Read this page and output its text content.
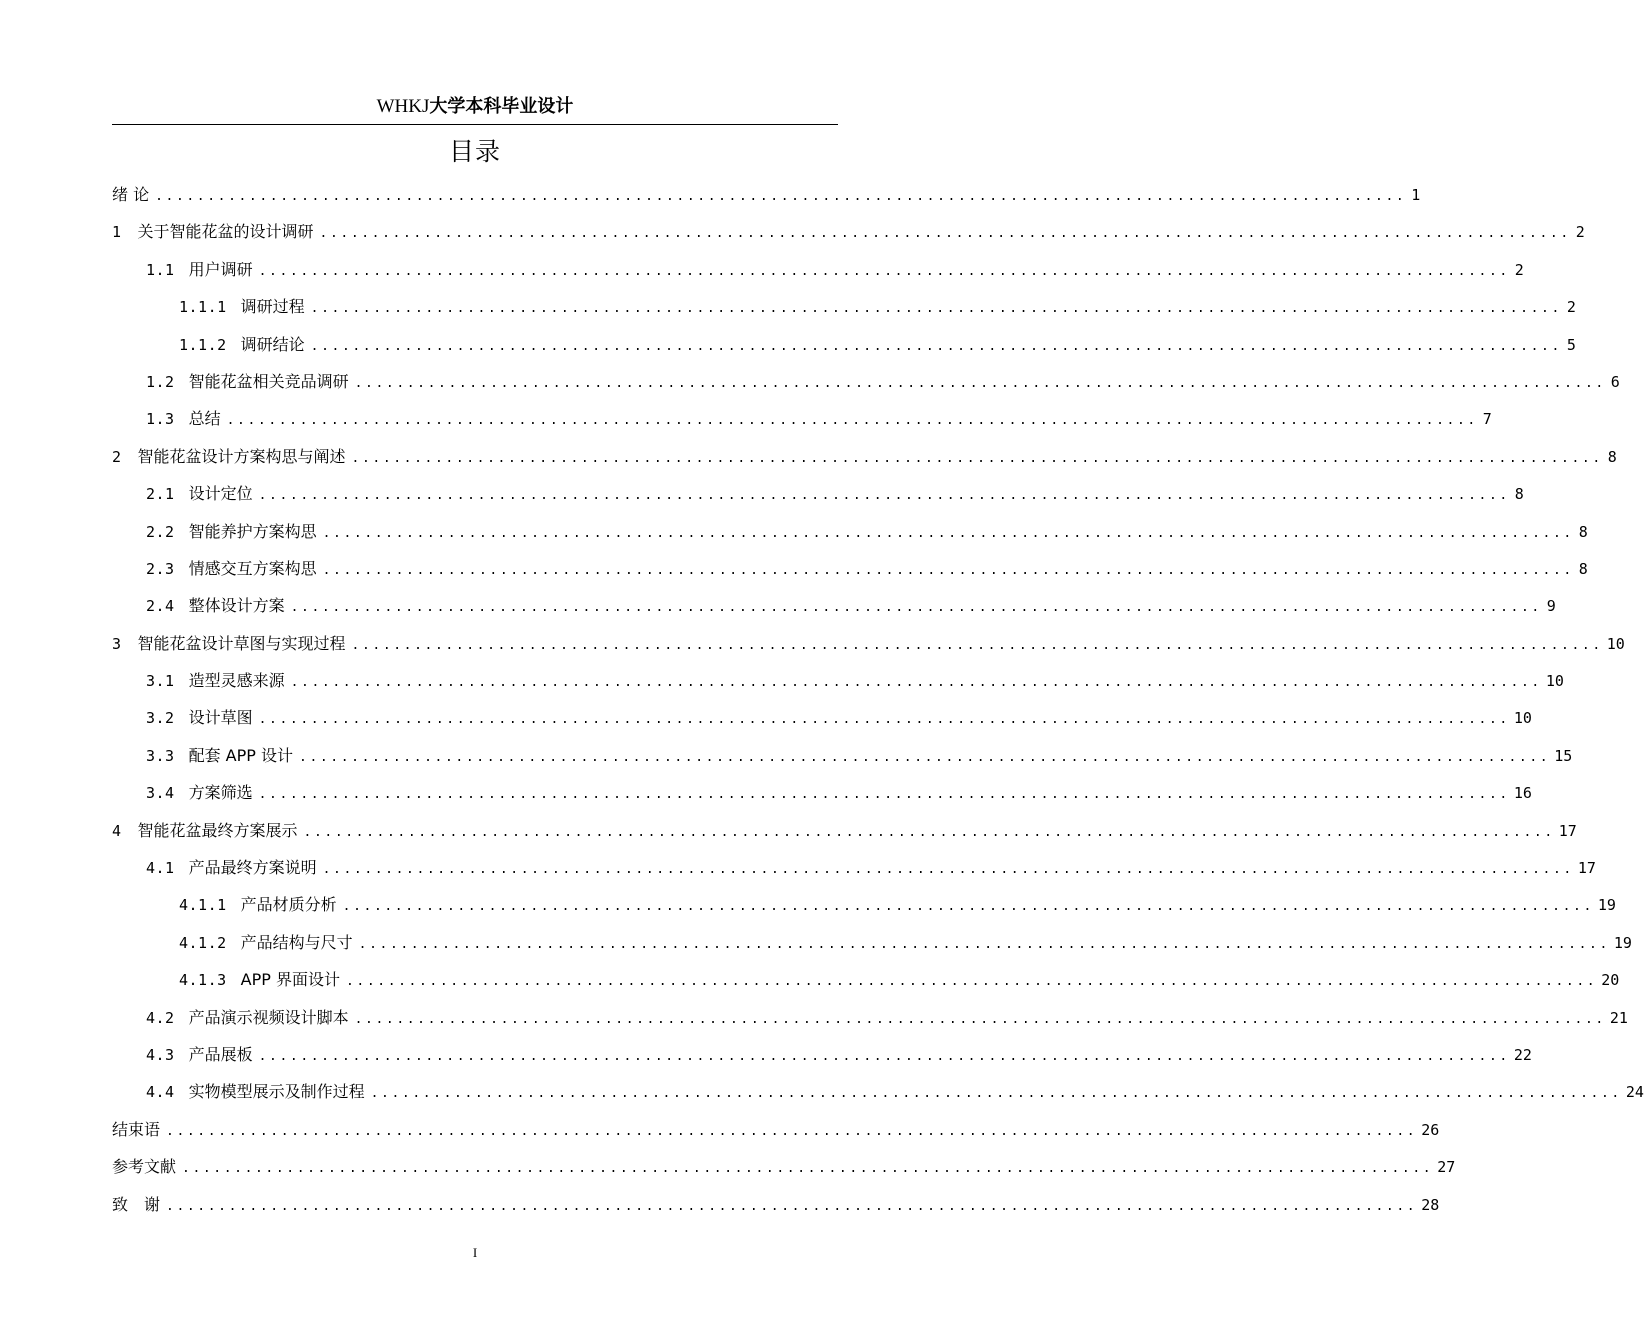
WHKJ大学本科毕业设计
目录
绪 论 ........................................................................................................................ 1
1 关于智能花盆的设计调研 ........................................................................................................................ 2
1.1 用户调研 ........................................................................................................................ 2
1.1.1 调研过程 ........................................................................................................................ 2
1.1.2 调研结论 ........................................................................................................................ 5
1.2 智能花盆相关竞品调研 ........................................................................................................................ 6
1.3 总结 ........................................................................................................................ 7
2 智能花盆设计方案构思与阐述 ........................................................................................................................ 8
2.1 设计定位 ........................................................................................................................ 8
2.2 智能养护方案构思 ........................................................................................................................ 8
2.3 情感交互方案构思 ........................................................................................................................ 8
2.4 整体设计方案 ........................................................................................................................ 9
3 智能花盆设计草图与实现过程 ........................................................................................................................ 10
3.1 造型灵感来源 ........................................................................................................................ 10
3.2 设计草图 ........................................................................................................................ 10
3.3 配套 APP 设计 ........................................................................................................................ 15
3.4 方案筛选 ........................................................................................................................ 16
4 智能花盆最终方案展示 ........................................................................................................................ 17
4.1 产品最终方案说明 ........................................................................................................................ 17
4.1.1 产品材质分析 ........................................................................................................................ 19
4.1.2 产品结构与尺寸 ........................................................................................................................ 19
4.1.3 APP 界面设计 ........................................................................................................................ 20
4.2 产品演示视频设计脚本 ........................................................................................................................ 21
4.3 产品展板 ........................................................................................................................ 22
4.4 实物模型展示及制作过程 ........................................................................................................................ 24
结束语 ........................................................................................................................ 26
参考文献 ........................................................................................................................ 27
致　谢 ........................................................................................................................ 28
I
